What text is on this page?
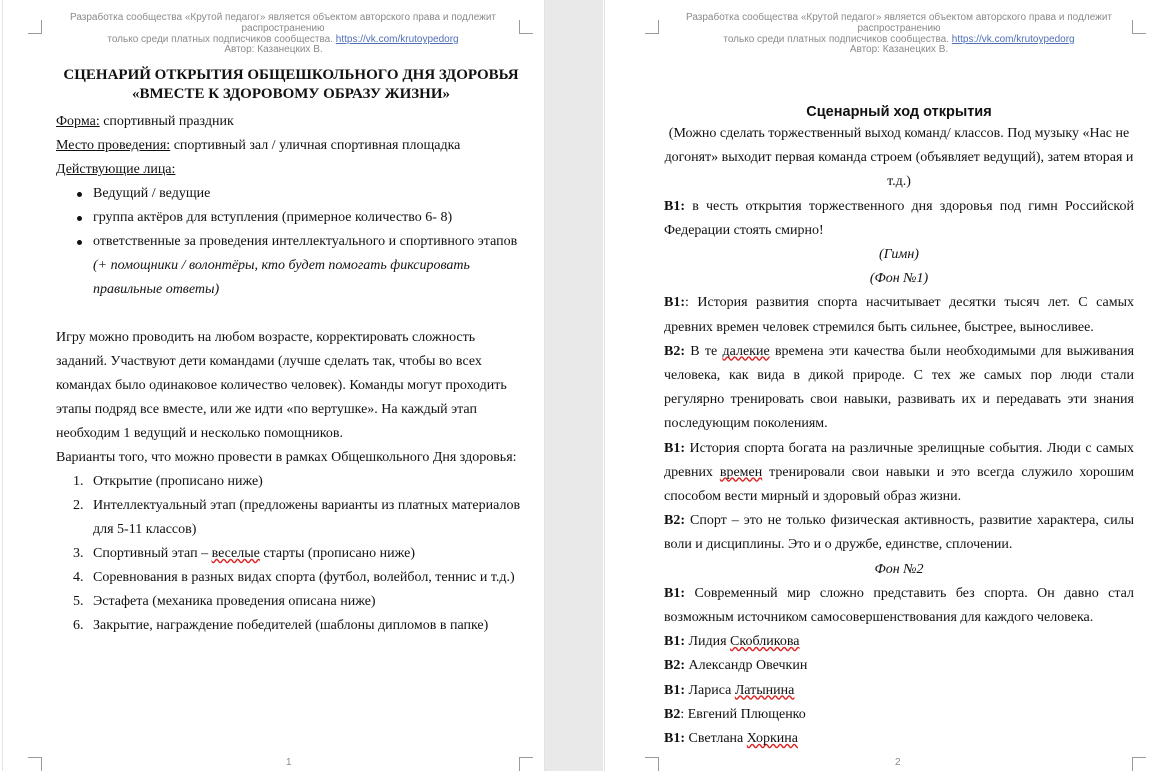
Разработка сообщества «Крутой педагог» является объектом авторского права и подлежит распространению
только среди платных подписчиков сообщества. https://vk.com/krutoypedorg
Автор: Казанецких В.
СЦЕНАРИЙ ОТКРЫТИЯ ОБЩЕШКОЛЬНОГО ДНЯ ЗДОРОВЬЯ
«ВМЕСТЕ К ЗДОРОВОМУ ОБРАЗУ ЖИЗНИ»
Форма: спортивный праздник
Место проведения: спортивный зал / уличная спортивная площадка
Действующие лица:
Ведущий / ведущие
группа актёров для вступления (примерное количество 6- 8)
ответственные за проведения интеллектуального и спортивного этапов
(+ помощники / волонтёры, кто будет помогать фиксировать правильные ответы)
Игру можно проводить на любом возрасте, корректировать сложность
заданий. Участвуют дети командами (лучше сделать так, чтобы во всех
командах было одинаковое количество человек). Команды могут проходить
этапы подряд все вместе, или же идти «по вертушке». На каждый этап
необходим 1 ведущий и несколько помощников.
Варианты того, что можно провести в рамках Общешкольного Дня здоровья:
1. Открытие (прописано ниже)
2. Интеллектуальный этап (предложены варианты из платных материалов для 5-11 классов)
3. Спортивный этап – веселые старты (прописано ниже)
4. Соревнования в разных видах спорта (футбол, волейбол, теннис и т.д.)
5. Эстафета (механика проведения описана ниже)
6. Закрытие, награждение победителей (шаблоны дипломов в папке)
1
Разработка сообщества «Крутой педагог» является объектом авторского права и подлежит распространению
только среди платных подписчиков сообщества. https://vk.com/krutoypedorg
Автор: Казанецких В.
Сценарный ход открытия
(Можно сделать торжественный выход команд/ классов. Под музыку «Нас не догонят» выходит первая команда строем (объявляет ведущий), затем вторая и т.д.)
В1: в честь открытия торжественного дня здоровья под гимн Российской Федерации стоять смирно!
(Гимн)
(Фон №1)
В1:: История развития спорта насчитывает десятки тысяч лет. С самых древних времен человек стремился быть сильнее, быстрее, выносливее.
В2: В те далекие времена эти качества были необходимыми для выживания человека, как вида в дикой природе. С тех же самых пор люди стали регулярно тренировать свои навыки, развивать их и передавать эти знания последующим поколениям.
В1: История спорта богата на различные зрелищные события. Люди с самых древних времен тренировали свои навыки и это всегда служило хорошим способом вести мирный и здоровый образ жизни.
В2: Спорт – это не только физическая активность, развитие характера, силы воли и дисциплины. Это и о дружбе, единстве, сплочении.
Фон №2
В1: Современный мир сложно представить без спорта. Он давно стал возможным источником самосовершенствования для каждого человека.
В1: Лидия Скобликова
В2: Александр Овечкин
В1: Лариса Латынина
В2: Евгений Плющенко
В1: Светлана Хоркина
2
